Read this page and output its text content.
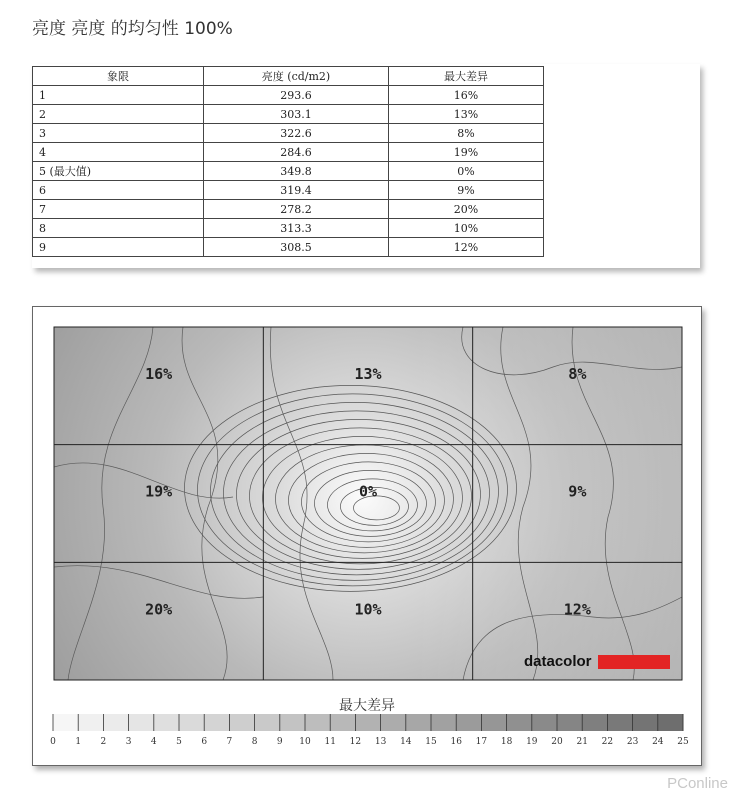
亮度 亮度 的均匀性 100%
象限	亮度 (cd/m2)	最大差异
1	293.6	16%
2	303.1	13%
3	322.6	8%
4	284.6	19%
5 (最大值)	349.8	0%
6	319.4	9%
7	278.2	20%
8	313.3	10%
9	308.5	12%
16%	13%	8%
19%	0%	9%
20%	10%	12%
datacolor
最大差异
0 1 2 3 4 5 6 7 8 9 10 11 12 13 14 15 16 17 18 19 20 21 22 23 24 25
PConline
